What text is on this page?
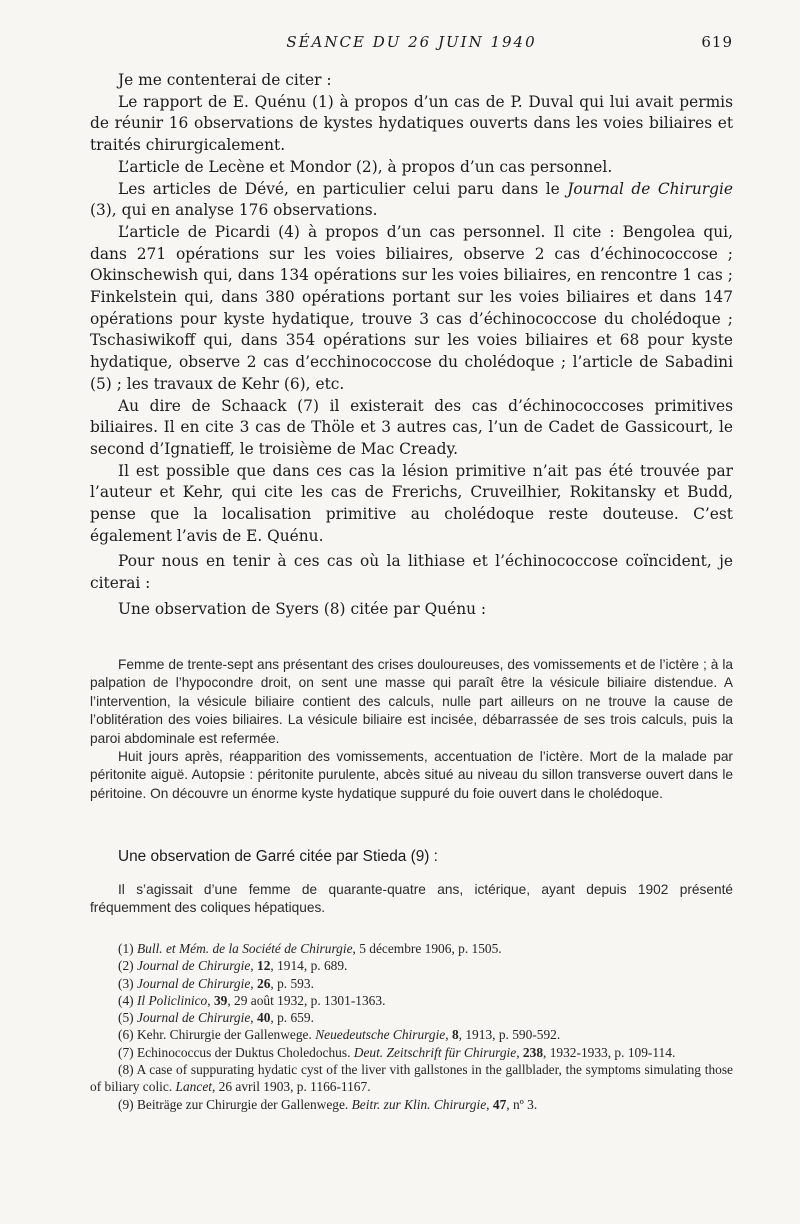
SÉANCE DU 26 JUIN 1940	619

Je me contenterai de citer :

Le rapport de E. Quénu (1) à propos d’un cas de P. Duval qui lui avait permis de réunir 16 observations de kystes hydatiques ouverts dans les voies biliaires et traités chirurgicalement.

L’article de Lecène et Mondor (2), à propos d’un cas personnel.

Les articles de Dévé, en particulier celui paru dans le Journal de Chirurgie (3), qui en analyse 176 observations.

L’article de Picardi (4) à propos d’un cas personnel. Il cite : Bengolea qui, dans 271 opérations sur les voies biliaires, observe 2 cas d’échinococcose ; Okinschewish qui, dans 134 opérations sur les voies biliaires, en rencontre 1 cas ; Finkelstein qui, dans 380 opérations portant sur les voies biliaires et dans 147 opérations pour kyste hydatique, trouve 3 cas d’échinococcose du cholédoque ; Tschasiwikoff qui, dans 354 opérations sur les voies biliaires et 68 pour kyste hydatique, observe 2 cas d’ecchinococcose du cholédoque ; l’article de Sabadini (5) ; les travaux de Kehr (6), etc.

Au dire de Schaack (7) il existerait des cas d’échinococcoses primitives biliaires. Il en cite 3 cas de Thöle et 3 autres cas, l’un de Cadet de Gassicourt, le second d’Ignatieff, le troisième de Mac Cready.

Il est possible que dans ces cas la lésion primitive n’ait pas été trouvée par l’auteur et Kehr, qui cite les cas de Frerichs, Cruveilhier, Rokitansky et Budd, pense que la localisation primitive au cholédoque reste douteuse. C’est également l’avis de E. Quénu.

Pour nous en tenir à ces cas où la lithiase et l’échinococcose coïncident, je citerai :

Une observation de Syers (8) citée par Quénu :

Femme de trente-sept ans présentant des crises douloureuses, des vomissements et de l’ictère ; à la palpation de l’hypocondre droit, on sent une masse qui paraît être la vésicule biliaire distendue. A l’intervention, la vésicule biliaire contient des calculs, nulle part ailleurs on ne trouve la cause de l’oblitération des voies biliaires. La vésicule biliaire est incisée, débarrassée de ses trois calculs, puis la paroi abdominale est refermée.

Huit jours après, réapparition des vomissements, accentuation de l’ictère. Mort de la malade par péritonite aiguë. Autopsie : péritonite purulente, abcès situé au niveau du sillon transverse ouvert dans le péritoine. On découvre un énorme kyste hydatique suppuré du foie ouvert dans le cholédoque.

Une observation de Garré citée par Stieda (9) :

Il s’agissait d’une femme de quarante-quatre ans, ictérique, ayant depuis 1902 présenté fréquemment des coliques hépatiques.

(1) Bull. et Mém. de la Société de Chirurgie, 5 décembre 1906, p. 1505.

(2) Journal de Chirurgie, 12, 1914, p. 689.

(3) Journal de Chirurgie, 26, p. 593.

(4) Il Policlinico, 39, 29 août 1932, p. 1301-1363.

(5) Journal de Chirurgie, 40, p. 659.

(6) Kehr. Chirurgie der Gallenwege. Neuedeutsche Chirurgie, 8, 1913, p. 590-592.

(7) Echinococcus der Duktus Choledochus. Deut. Zeitschrift für Chirurgie, 238, 1932-1933, p. 109-114.

(8) A case of suppurating hydatic cyst of the liver vith gallstones in the gallblader, the symptoms simulating those of biliary colic. Lancet, 26 avril 1903, p. 1166-1167.

(9) Beiträge zur Chirurgie der Gallenwege. Beitr. zur Klin. Chirurgie, 47, nº 3.
